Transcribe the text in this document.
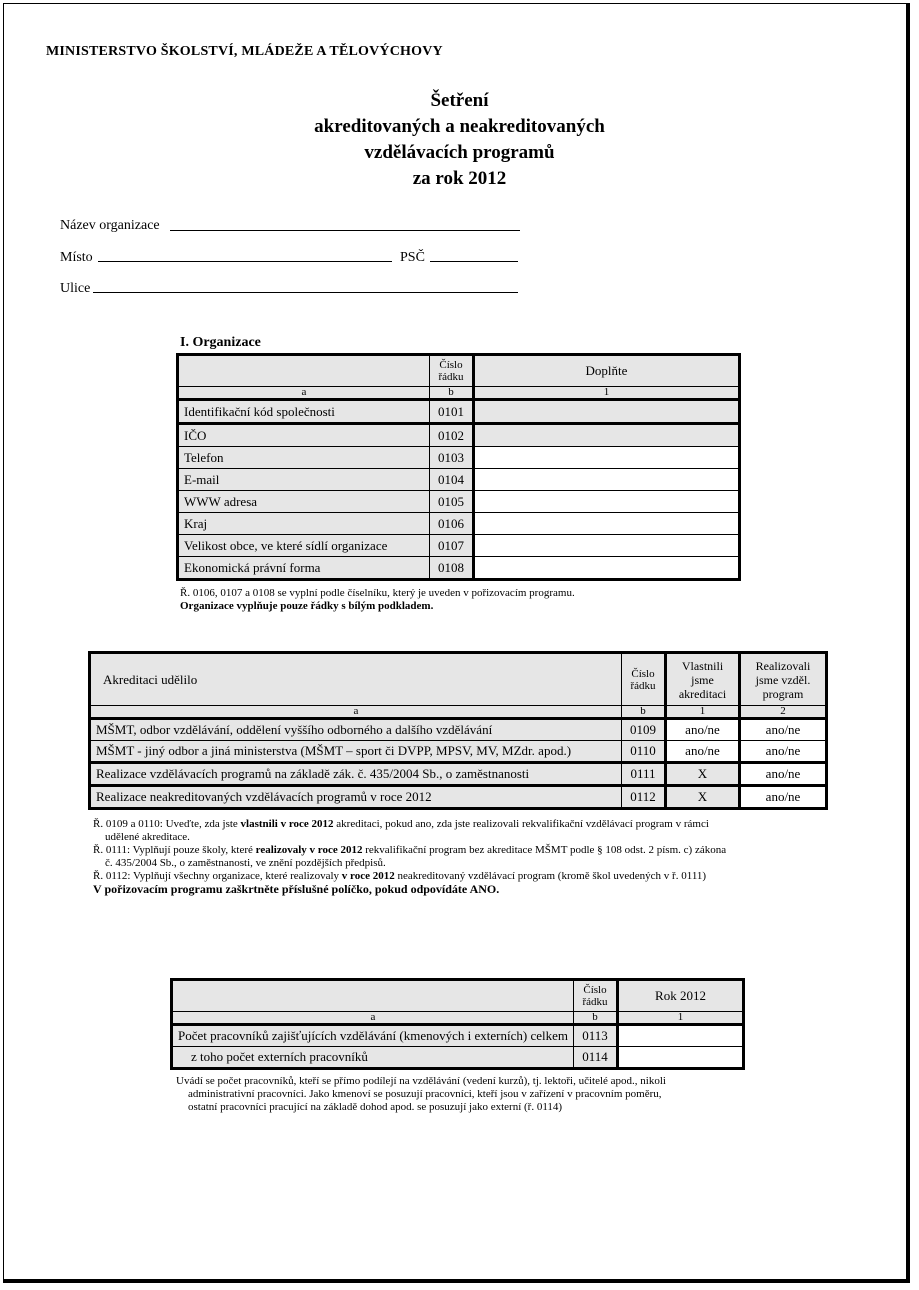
MINISTERSTVO ŠKOLSTVÍ, MLÁDEŽE A TĚLOVÝCHOVY
Šetření
akreditovaných a neakreditovaných
vzdělávacích programů
za rok 2012
Název organizace
Místo	PSČ
Ulice
I. Organizace
	Číslo řádku	Doplňte
a	b	1
Identifikační kód společnosti	0101	
IČO	0102	
Telefon	0103	
E-mail	0104	
WWW adresa	0105	
Kraj	0106	
Velikost obce, ve které sídlí organizace	0107	
Ekonomická právní forma	0108	

Ř. 0106, 0107 a 0108 se vyplní podle číselníku, který je uveden v pořizovacím programu.

Organizace vyplňuje pouze řádky s bílým podkladem.

Akreditaci udělilo	Číslo řádku	Vlastnili jsme akreditaci	Realizovali jsme vzděl. program
a	b	1	2
MŠMT, odbor vzdělávání, oddělení vyššího odborného a dalšího vzdělávání	0109	ano/ne	ano/ne
MŠMT - jiný odbor a jiná ministerstva (MŠMT – sport či DVPP, MPSV, MV, MZdr. apod.)	0110	ano/ne	ano/ne
Realizace vzdělávacích programů na základě zák. č. 435/2004 Sb., o zaměstnanosti	0111	X	ano/ne
Realizace neakreditovaných vzdělávacích programů v roce 2012	0112	X	ano/ne

Ř. 0109 a 0110: Uveďte, zda jste vlastnili v roce 2012 akreditaci, pokud ano, zda jste realizovali rekvalifikační vzdělávací program v rámci

udělené akreditace.

Ř. 0111: Vyplňují pouze školy, které realizovaly v roce 2012 rekvalifikační program bez akreditace MŠMT podle § 108 odst. 2 písm. c) zákona

č. 435/2004 Sb., o zaměstnanosti, ve znění pozdějších předpisů.

Ř. 0112: Vyplňují všechny organizace, které realizovaly v roce 2012 neakreditovaný vzdělávací program (kromě škol uvedených v ř. 0111)

V pořizovacím programu zaškrtněte příslušné políčko, pokud odpovídáte ANO.

	Číslo řádku	Rok 2012
a	b	1
Počet pracovníků zajišťujících vzdělávání (kmenových i externích) celkem	0113	
z toho počet externích pracovníků	0114	

Uvádí se počet pracovníků, kteří se přímo podílejí na vzdělávání (vedení kurzů), tj. lektoři, učitelé apod., nikoli

administrativní pracovníci. Jako kmenoví se posuzují pracovníci, kteří jsou v zařízení v pracovním poměru,

ostatní pracovníci pracující na základě dohod apod. se posuzují jako externí (ř. 0114)
